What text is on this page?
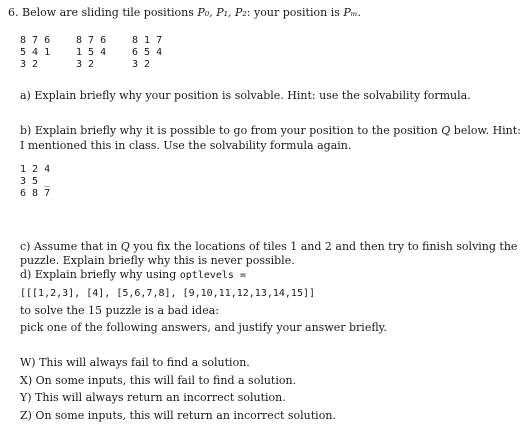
6. Below are sliding tile positions P₀, P₁, P₂: your position is Pₘ.
8 7 6
5 4 1
3 2
8 7 6
1 5 4
3 2
8 1 7
6 5 4
3 2
a) Explain briefly why your position is solvable. Hint: use the solvability formula.
b) Explain briefly why it is possible to go from your position to the position Q below. Hint:
I mentioned this in class. Use the solvability formula again.
1 2 4
3 5 _
6 8 7
c) Assume that in Q you fix the locations of tiles 1 and 2 and then try to finish solving the
puzzle. Explain briefly why this is never possible.
d) Explain briefly why using optlevels =
[[[1,2,3], [4], [5,6,7,8], [9,10,11,12,13,14,15]]
to solve the 15 puzzle is a bad idea:
pick one of the following answers, and justify your answer briefly.
W) This will always fail to find a solution.
X) On some inputs, this will fail to find a solution.
Y) This will always return an incorrect solution.
Z) On some inputs, this will return an incorrect solution.
